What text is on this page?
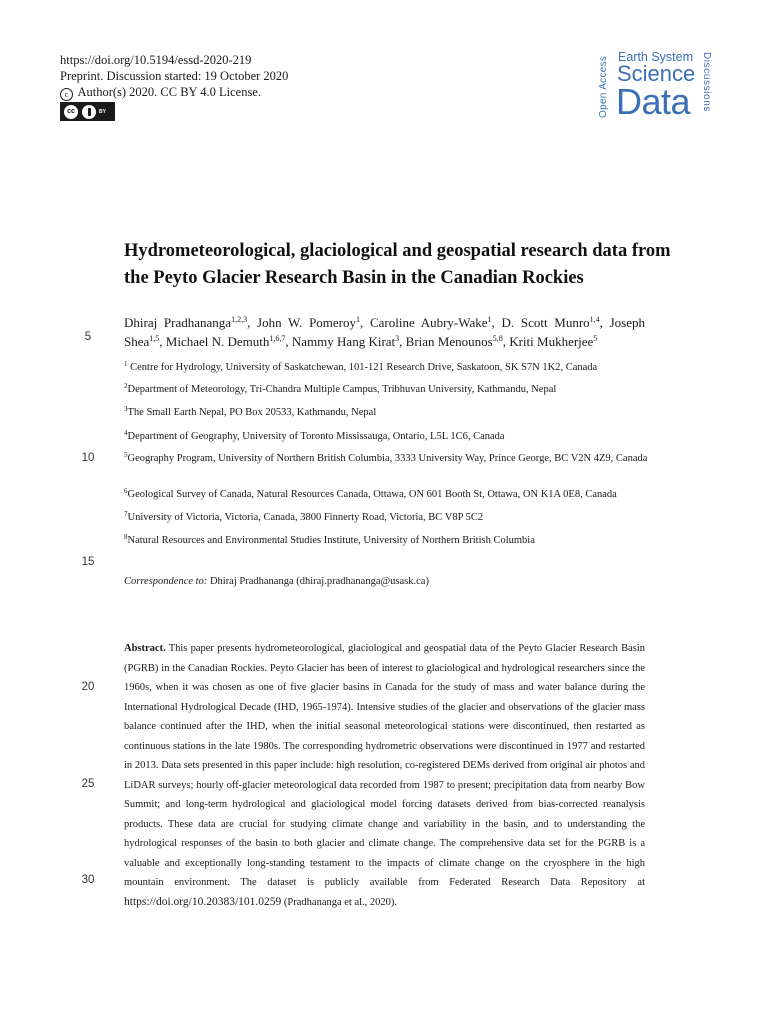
https://doi.org/10.5194/essd-2020-219
Preprint. Discussion started: 19 October 2020
c Author(s) 2020. CC BY 4.0 License.
cc	BY	Open Access Earth System
Science
Data Discussions
Hydrometeorological, glaciological and geospatial research data from the Peyto Glacier Research Basin in the Canadian Rockies
Dhiraj Pradhananga$^{1,2,3}$, John W. Pomeroy$^1$, Caroline Aubry-Wake$^1$, D. Scott Munro$^{1,4}$, Joseph Shea$^{1,5}$, Michael N. Demuth$^{1,6,7}$, Nammy Hang Kirat$^3$, Brian Menounos$^{5,8}$, Kriti Mukherjee$^5$
$^1$ Centre for Hydrology, University of Saskatchewan, 101-121 Research Drive, Saskatoon, SK S7N 1K2, Canada
$^2$Department of Meteorology, Tri-Chandra Multiple Campus, Tribhuvan University, Kathmandu, Nepal
$^3$The Small Earth Nepal, PO Box 20533, Kathmandu, Nepal
$^4$Department of Geography, University of Toronto Mississauga, Ontario, L5L 1C6, Canada
$^5$Geography Program, University of Northern British Columbia, 3333 University Way, Prince George, BC V2N 4Z9, Canada
$^6$Geological Survey of Canada, Natural Resources Canada, Ottawa, ON 601 Booth St, Ottawa, ON K1A 0E8, Canada
$^7$University of Victoria, Victoria, Canada, 3800 Finnerty Road, Victoria, BC V8P 5C2
$^8$Natural Resources and Environmental Studies Institute, University of Northern British Columbia
Correspondence to: Dhiraj Pradhananga (dhiraj.pradhananga@usask.ca)
Abstract. This paper presents hydrometeorological, glaciological and geospatial data of the Peyto Glacier Research Basin (PGRB) in the Canadian Rockies. Peyto Glacier has been of interest to glaciological and hydrological researchers since the 1960s, when it was chosen as one of five glacier basins in Canada for the study of mass and water balance during the International Hydrological Decade (IHD, 1965-1974). Intensive studies of the glacier and observations of the glacier mass balance continued after the IHD, when the initial seasonal meteorological stations were discontinued, then restarted as continuous stations in the late 1980s. The corresponding hydrometric observations were discontinued in 1977 and restarted in 2013. Data sets presented in this paper include: high resolution, co-registered DEMs derived from original air photos and LiDAR surveys; hourly off-glacier meteorological data recorded from 1987 to present; precipitation data from nearby Bow Summit; and long-term hydrological and glaciological model forcing datasets derived from bias-corrected reanalysis products. These data are crucial for studying climate change and variability in the basin, and to understanding the hydrological responses of the basin to both glacier and climate change. The comprehensive data set for the PGRB is a valuable and exceptionally long-standing testament to the impacts of climate change on the cryosphere in the high mountain environment. The dataset is publicly available from Federated Research Data Repository at https://doi.org/10.20383/101.0259 (Pradhananga et al., 2020).
5
10
15
20
25
30
